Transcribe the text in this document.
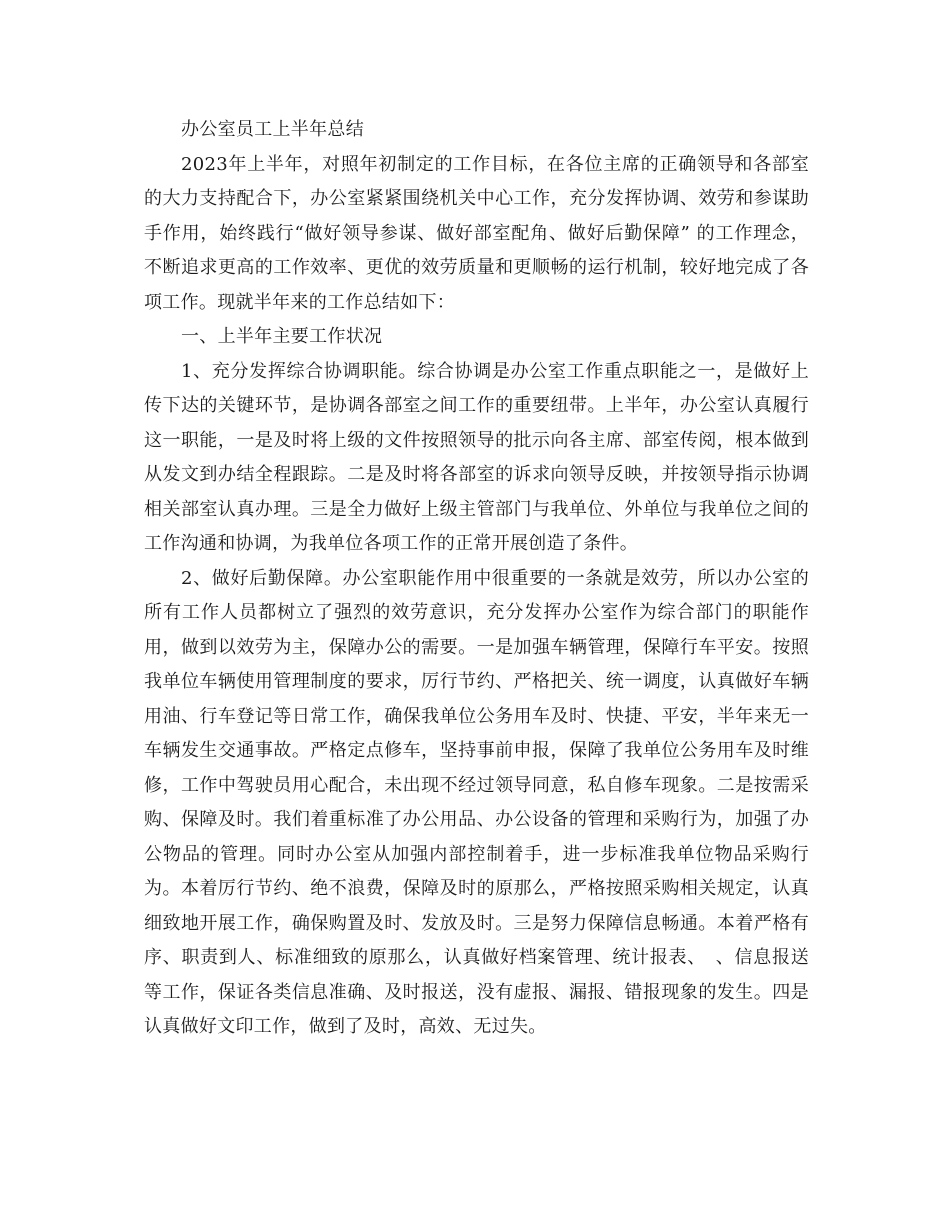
办公室员工上半年总结

2023年上半年，对照年初制定的工作目标，在各位主席的正确领导和各部室的大力支持配合下，办公室紧紧围绕机关中心工作，充分发挥协调、效劳和参谋助手作用，始终践行“做好领导参谋、做好部室配角、做好后勤保障” 的工作理念，不断追求更高的工作效率、更优的效劳质量和更顺畅的运行机制，较好地完成了各项工作。现就半年来的工作总结如下：

一、上半年主要工作状况

1、充分发挥综合协调职能。综合协调是办公室工作重点职能之一，是做好上传下达的关键环节，是协调各部室之间工作的重要纽带。上半年，办公室认真履行这一职能，一是及时将上级的文件按照领导的批示向各主席、部室传阅，根本做到从发文到办结全程跟踪。二是及时将各部室的诉求向领导反映，并按领导指示协调相关部室认真办理。三是全力做好上级主管部门与我单位、外单位与我单位之间的工作沟通和协调，为我单位各项工作的正常开展创造了条件。

2、做好后勤保障。办公室职能作用中很重要的一条就是效劳，所以办公室的所有工作人员都树立了强烈的效劳意识，充分发挥办公室作为综合部门的职能作用，做到以效劳为主，保障办公的需要。一是加强车辆管理，保障行车平安。按照我单位车辆使用管理制度的要求，厉行节约、严格把关、统一调度，认真做好车辆用油、行车登记等日常工作，确保我单位公务用车及时、快捷、平安，半年来无一车辆发生交通事故。严格定点修车，坚持事前申报，保障了我单位公务用车及时维修，工作中驾驶员用心配合，未出现不经过领导同意，私自修车现象。二是按需采购、保障及时。我们着重标准了办公用品、办公设备的管理和采购行为，加强了办公物品的管理。同时办公室从加强内部控制着手，进一步标准我单位物品采购行为。本着厉行节约、绝不浪费，保障及时的原那么，严格按照采购相关规定，认真细致地开展工作，确保购置及时、发放及时。三是努力保障信息畅通。本着严格有序、职责到人、标准细致的原那么，认真做好档案管理、统计报表、　、信息报送等工作，保证各类信息准确、及时报送，没有虚报、漏报、错报现象的发生。四是认真做好文印工作，做到了及时，高效、无过失。
